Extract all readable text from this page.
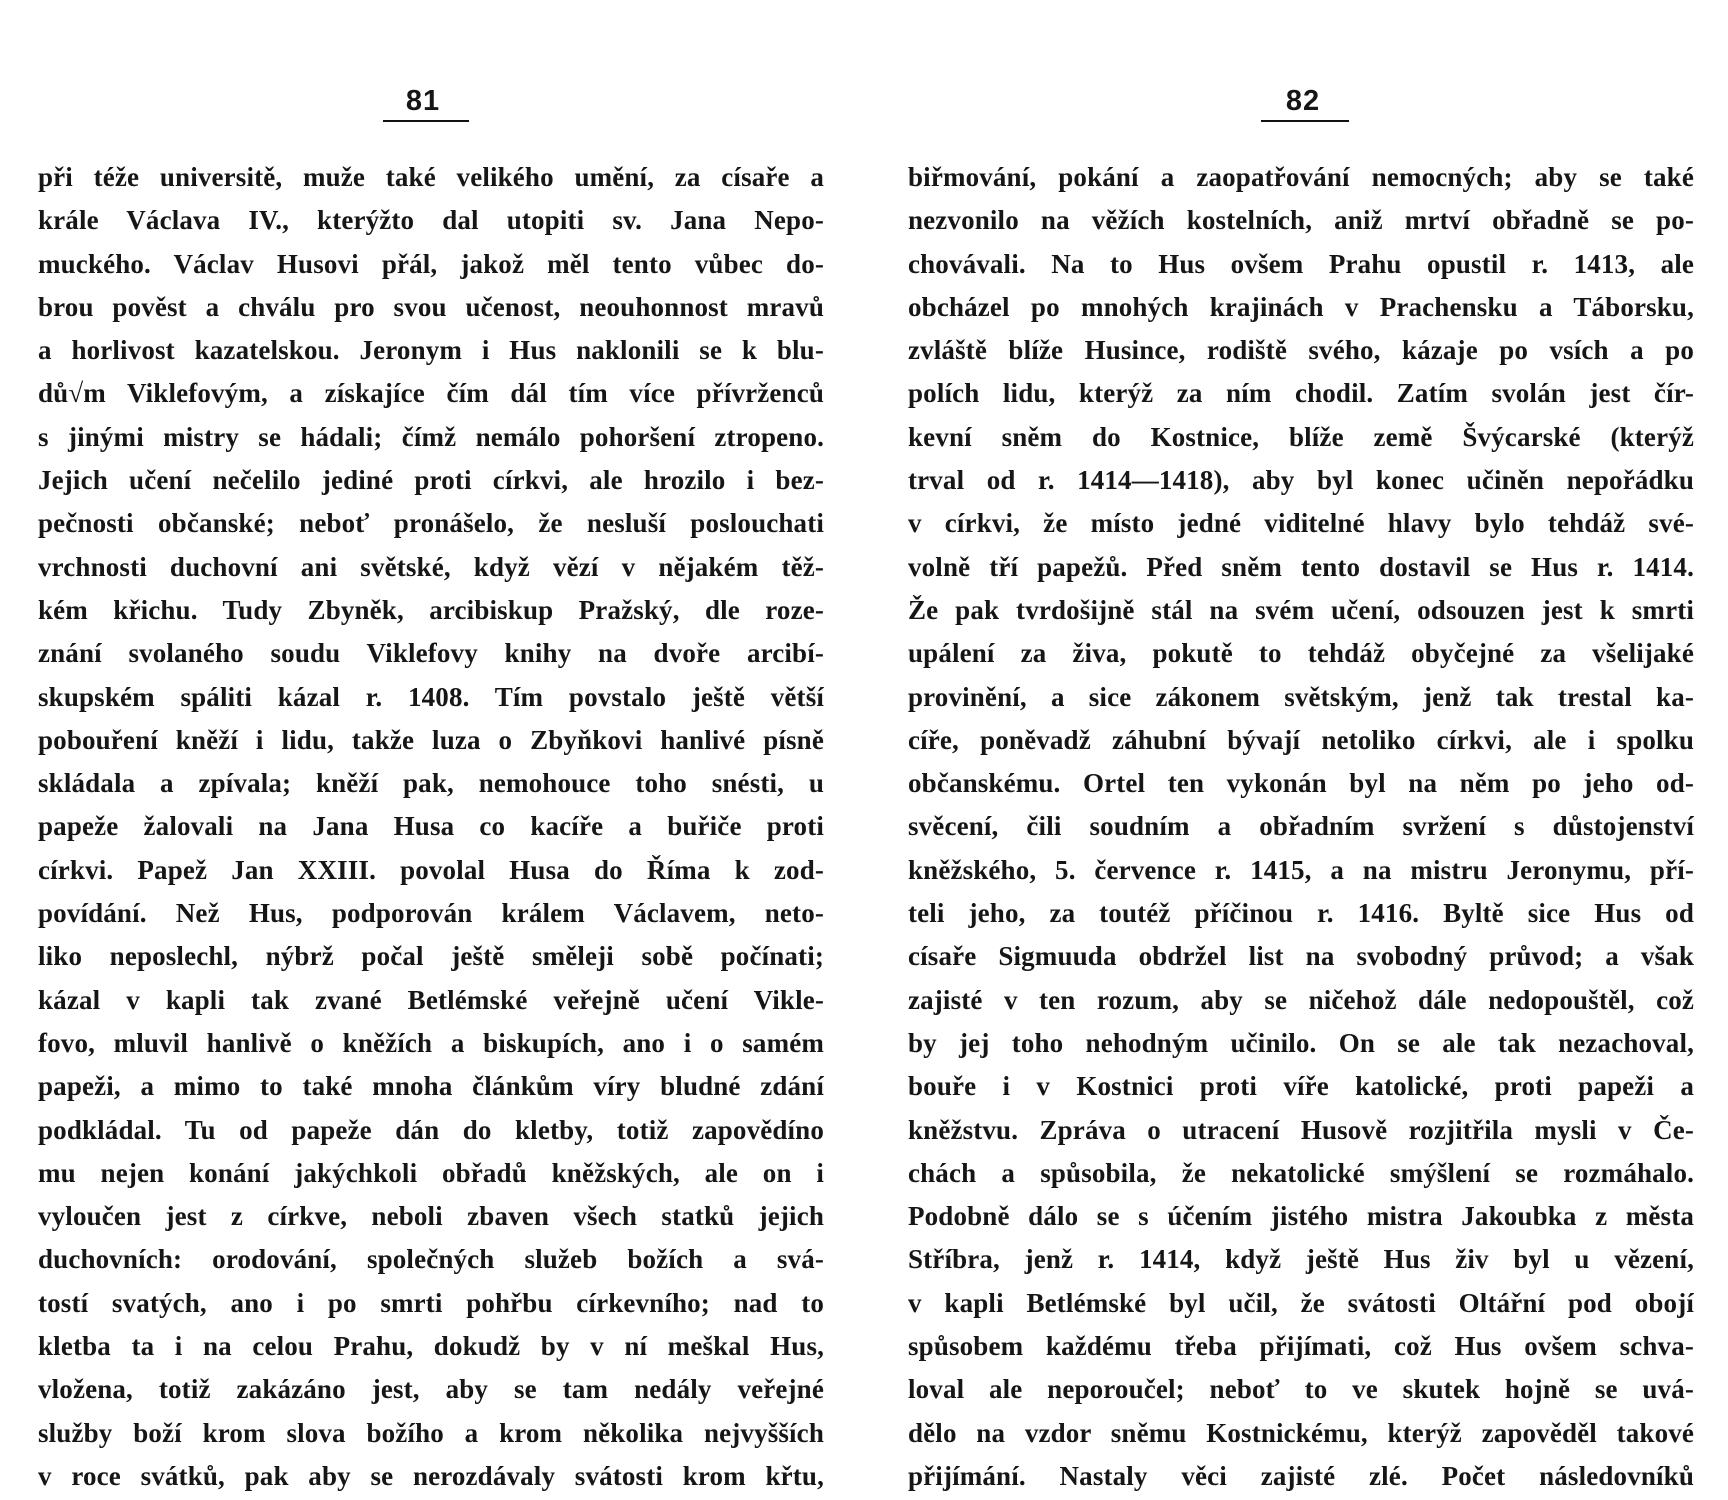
81
při téže universitě, muže také velikého umění, za císaře a
krále Václava IV., kterýžto dal utopiti sv. Jana Nepo-
muckého. Václav Husovi přál, jakož měl tento vůbec do-
brou pověst a chválu pro svou učenost, neouhonnost mravů
a horlivost kazatelskou. Jeronym i Hus naklonili se k blu-
dů√m Viklefovým, a získajíce čím dál tím více přívrženců
s jinými mistry se hádali; čímž nemálo pohoršení ztropeno.
Jejich učení nečelilo jediné proti církvi, ale hrozilo i bez-
pečnosti občanské; neboť pronášelo, že nesluší poslouchati
vrchnosti duchovní ani světské, když vězí v nějakém těž-
kém křichu. Tudy Zbyněk, arcibiskup Pražský, dle roze-
znání svolaného soudu Viklefovy knihy na dvoře arcibí-
skupském spáliti kázal r. 1408. Tím povstalo ještě větší
pobouření kněží i lidu, takže luza o Zbyňkovi hanlivé písně
skládala a zpívala; kněží pak, nemohouce toho snésti, u
papeže žalovali na Jana Husa co kacíře a buřiče proti
církvi. Papež Jan XXIII. povolal Husa do Říma k zod-
povídání. Než Hus, podporován králem Václavem, neto-
liko neposlechl, nýbrž počal ještě směleji sobě počínati;
kázal v kapli tak zvané Betlémské veřejně učení Vikle-
fovo, mluvil hanlivě o kněžích a biskupích, ano i o samém
papeži, a mimo to také mnoha článkům víry bludné zdání
podkládal. Tu od papeže dán do kletby, totiž zapovědíno
mu nejen konání jakýchkoli obřadů kněžských, ale on i
vyloučen jest z církve, neboli zbaven všech statků jejich
duchovních: orodování, společných služeb božích a svá-
tostí svatých, ano i po smrti pohřbu církevního; nad to
kletba ta i na celou Prahu, dokudž by v ní meškal Hus,
vložena, totiž zakázáno jest, aby se tam nedály veřejné
služby boží krom slova božího a krom několika nejvyšších
v roce svátků, pak aby se nerozdávaly svátosti krom křtu,
82
biřmování, pokání a zaopatřování nemocných; aby se také
nezvonilo na věžích kostelních, aniž mrtví obřadně se po-
chovávali. Na to Hus ovšem Prahu opustil r. 1413, ale
obcházel po mnohých krajinách v Prachensku a Táborsku,
zvláště blíže Husince, rodiště svého, kázaje po vsích a po
polích lidu, kterýž za ním chodil. Zatím svolán jest čír-
kevní sněm do Kostnice, blíže země Švýcarské (kterýž
trval od r. 1414—1418), aby byl konec učiněn nepořádku
v církvi, že místo jedné viditelné hlavy bylo tehdáž své-
volně tří papežů. Před sněm tento dostavil se Hus r. 1414.
Že pak tvrdošijně stál na svém učení, odsouzen jest k smrti
upálení za živa, pokutě to tehdáž obyčejné za všelijaké
provinění, a sice zákonem světským, jenž tak trestal ka-
cíře, poněvadž záhubní bývají netoliko církvi, ale i spolku
občanskému. Ortel ten vykonán byl na něm po jeho od-
svěcení, čili soudním a obřadním svržení s důstojenství
kněžského, 5. července r. 1415, a na mistru Jeronymu, pří-
teli jeho, za toutéž příčinou r. 1416. Byltě sice Hus od
císaře Sigmuuda obdržel list na svobodný průvod; a však
zajisté v ten rozum, aby se ničehož dále nedopouštěl, což
by jej toho nehodným učinilo. On se ale tak nezachoval,
bouře i v Kostnici proti víře katolické, proti papeži a
kněžstvu. Zpráva o utracení Husově rozjitřila mysli v Če-
chách a spůsobila, že nekatolické smýšlení se rozmáhalo.
Podobně dálo se s účením jistého mistra Jakoubka z města
Stříbra, jenž r. 1414, když ještě Hus živ byl u vězení,
v kapli Betlémské byl učil, že svátosti Oltářní pod obojí
spůsobem každému třeba přijímati, což Hus ovšem schva-
loval ale neporoučel; neboť to ve skutek hojně se uvá-
dělo na vzdor sněmu Kostnickému, kterýž zapověděl takové
přijímání. Nastaly věci zajisté zlé. Počet následovníků
